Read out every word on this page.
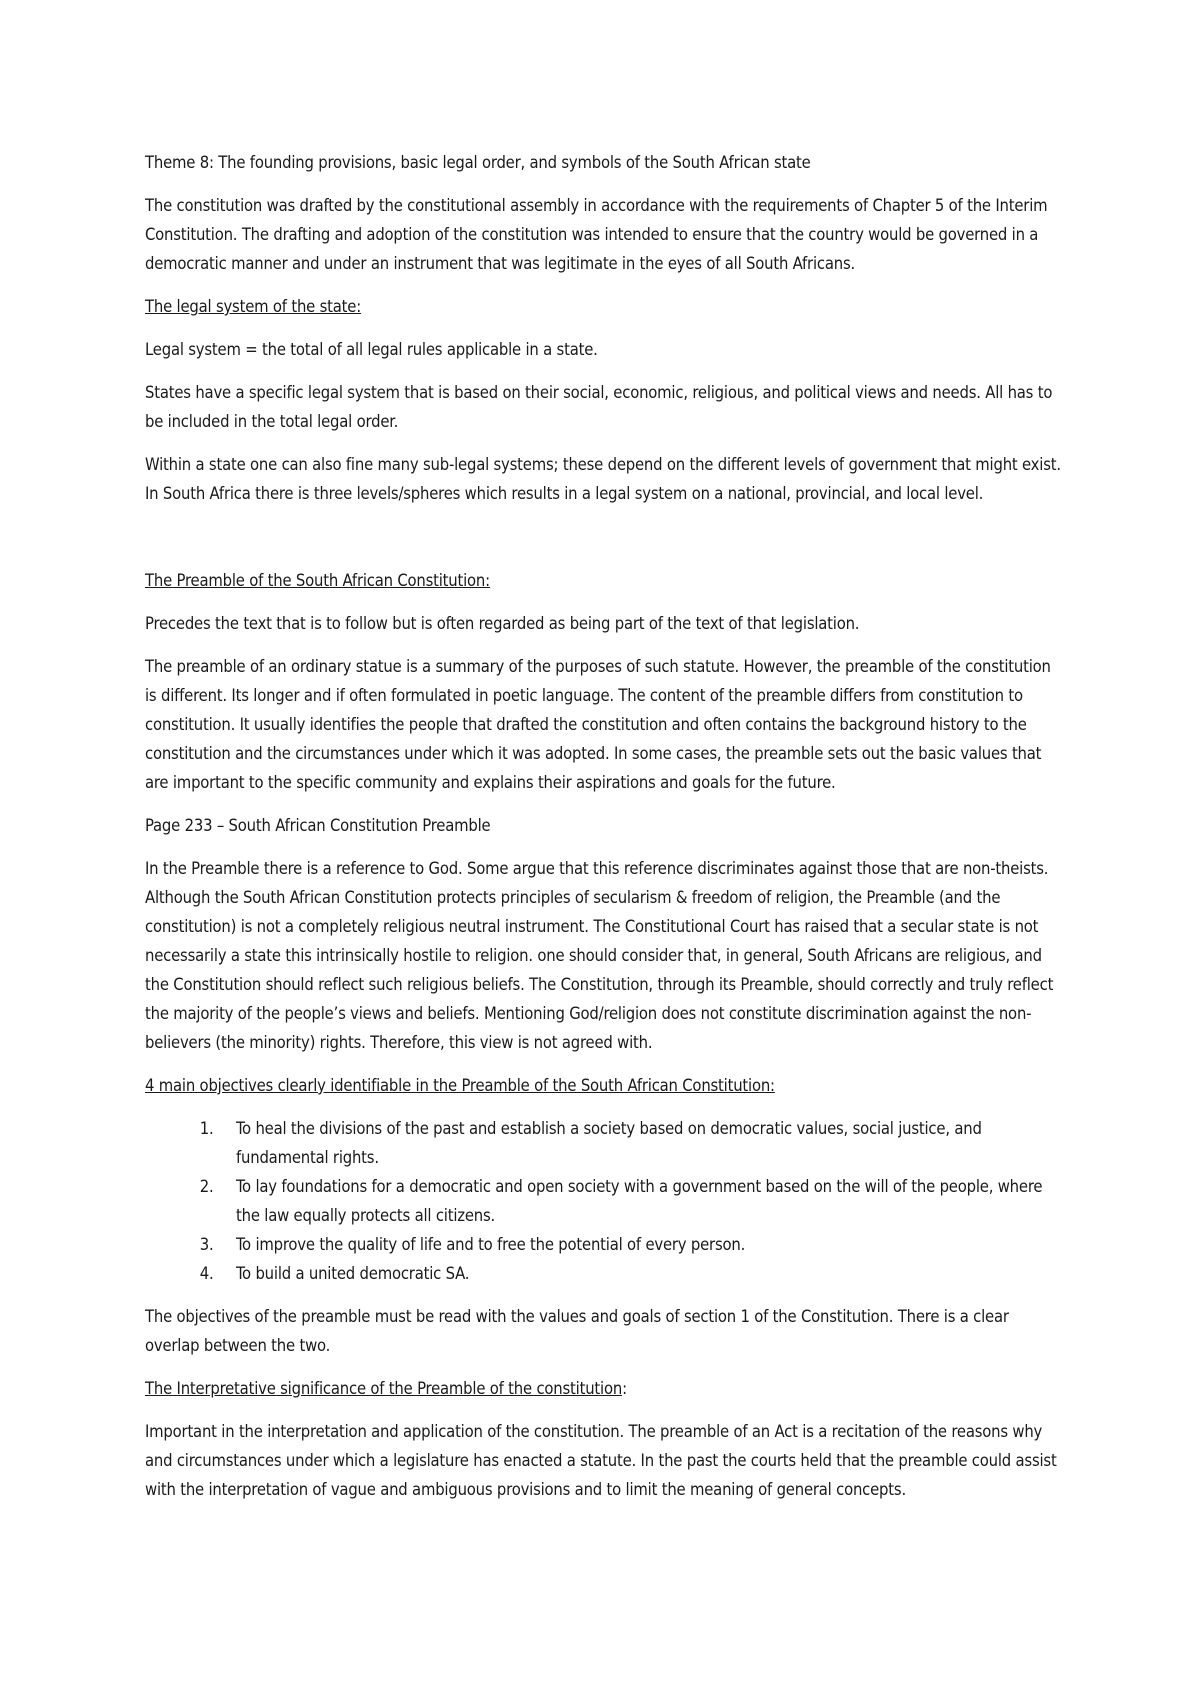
Theme 8: The founding provisions, basic legal order, and symbols of the South African state

The constitution was drafted by the constitutional assembly in accordance with the requirements of Chapter 5 of the Interim Constitution. The drafting and adoption of the constitution was intended to ensure that the country would be governed in a democratic manner and under an instrument that was legitimate in the eyes of all South Africans.

The legal system of the state:

Legal system = the total of all legal rules applicable in a state.

States have a specific legal system that is based on their social, economic, religious, and political views and needs. All has to be included in the total legal order.

Within a state one can also fine many sub-legal systems; these depend on the different levels of government that might exist. In South Africa there is three levels/spheres which results in a legal system on a national, provincial, and local level.

The Preamble of the South African Constitution:

Precedes the text that is to follow but is often regarded as being part of the text of that legislation.

The preamble of an ordinary statue is a summary of the purposes of such statute. However, the preamble of the constitution is different. Its longer and if often formulated in poetic language. The content of the preamble differs from constitution to constitution. It usually identifies the people that drafted the constitution and often contains the background history to the constitution and the circumstances under which it was adopted. In some cases, the preamble sets out the basic values that are important to the specific community and explains their aspirations and goals for the future.

Page 233 – South African Constitution Preamble

In the Preamble there is a reference to God. Some argue that this reference discriminates against those that are non-theists. Although the South African Constitution protects principles of secularism & freedom of religion, the Preamble (and the constitution) is not a completely religious neutral instrument. The Constitutional Court has raised that a secular state is not necessarily a state this intrinsically hostile to religion. one should consider that, in general, South Africans are religious, and the Constitution should reflect such religious beliefs. The Constitution, through its Preamble, should correctly and truly reflect the majority of the people’s views and beliefs. Mentioning God/religion does not constitute discrimination against the non-believers (the minority) rights. Therefore, this view is not agreed with.

4 main objectives clearly identifiable in the Preamble of the South African Constitution:

1. To heal the divisions of the past and establish a society based on democratic values, social justice, and fundamental rights.
2. To lay foundations for a democratic and open society with a government based on the will of the people, where the law equally protects all citizens.
3. To improve the quality of life and to free the potential of every person.
4. To build a united democratic SA.

The objectives of the preamble must be read with the values and goals of section 1 of the Constitution. There is a clear overlap between the two.

The Interpretative significance of the Preamble of the constitution:

Important in the interpretation and application of the constitution. The preamble of an Act is a recitation of the reasons why and circumstances under which a legislature has enacted a statute. In the past the courts held that the preamble could assist with the interpretation of vague and ambiguous provisions and to limit the meaning of general concepts.
